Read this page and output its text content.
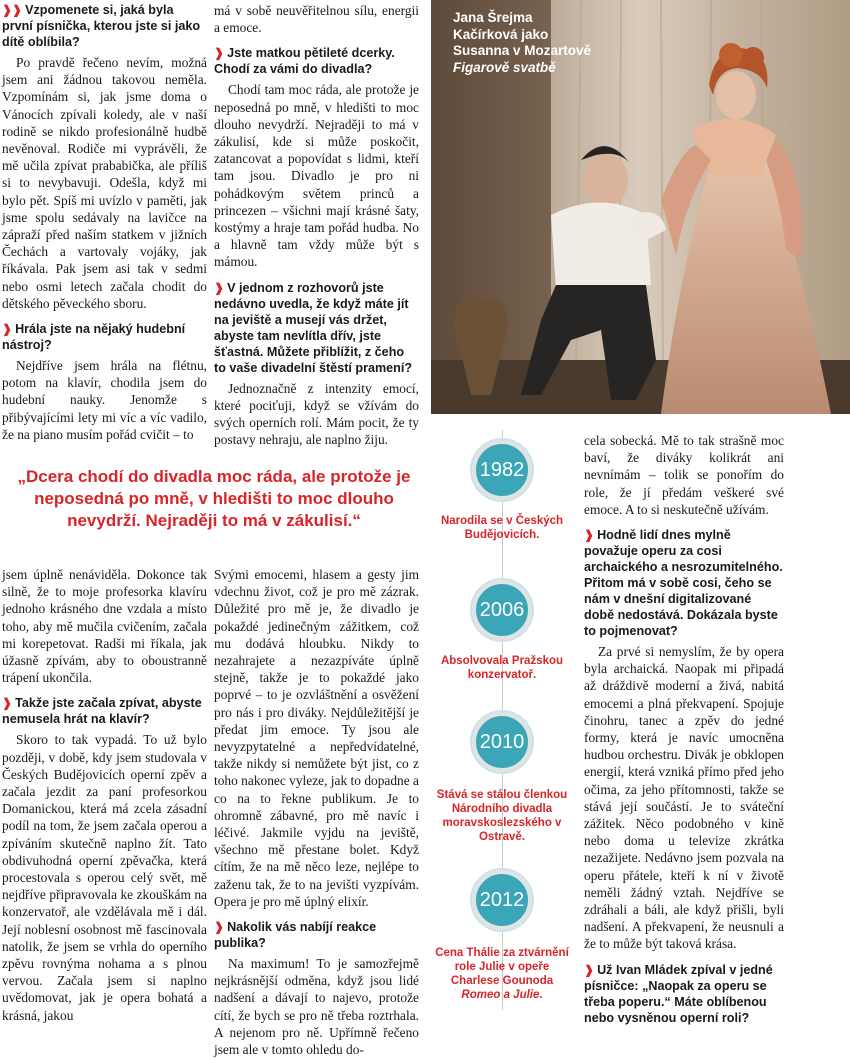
❱❱ Vzpomenete si, jaká byla první písnička, kterou jste si jako dítě oblíbila?

Po pravdě řečeno nevím, možná jsem ani žádnou takovou neměla. Vzpomínám si, jak jsme doma o Vánocích zpívali koledy, ale v naší rodině se nikdo profesionálně hudbě nevěnoval. Rodiče mi vyprávěli, že mě učila zpívat prababička, ale příliš si to nevybavuji. Odešla, když mi bylo pět. Spíš mi uvízlo v paměti, jak jsme spolu sedávaly na lavičce na zápraží před naším statkem v jižních Čechách a vartovaly vojáky, jak říkávala. Pak jsem asi tak v sedmi nebo osmi letech začala chodit do dětského pěveckého sboru.

❱ Hrála jste na nějaký hudební nástroj?

Nejdříve jsem hrála na flétnu, potom na klavír, chodila jsem do hudební nauky. Jenomže s přibývajícími lety mi víc a víc vadilo, že na piano musím pořád cvičit – to

má v sobě neuvěřitelnou sílu, energii a emoce.

❱ Jste matkou pětileté dcerky. Chodí za vámi do divadla?

Chodí tam moc ráda, ale protože je neposedná po mně, v hledišti to moc dlouho nevydrží. Nejraději to má v zákulisí, kde si může poskočit, zatancovat a popovídat s lidmi, kteří tam jsou. Divadlo je pro ni pohádkovým světem princů a princezen – všichni mají krásné šaty, kostýmy a hraje tam pořád hudba. No a hlavně tam vždy může být s mámou.

❱ V jednom z rozhovorů jste nedávno uvedla, že když máte jít na jeviště a musejí vás držet, abyste tam nevlítla dřív, jste šťastná. Můžete přiblížit, z čeho to vaše divadelní štěstí pramení?

Jednoznačně z intenzity emocí, které pociťuji, když se vžívám do svých operních rolí. Mám pocit, že ty postavy nehraju, ale naplno žiju.

Jana Šrejma
Kačírková jako
Susanna v Mozartově
Figarově svatbě
„Dcera chodí do divadla moc ráda, ale protože je neposedná po mně, v hledišti to moc dlouho nevydrží. Nejraději to má v zákulisí.“
1982
Narodila se v Českých Budějovicích.
2006
Absolvovala Pražskou konzervatoř.
2010
Stává se stálou členkou Národního divadla moravskoslezského v Ostravě.
2012
Cena Thálie za ztvárnění role Julie v opeře Charlese Gounoda Romeo a Julie.

jsem úplně nenáviděla. Dokonce tak silně, že to moje profesorka klavíru jednoho krásného dne vzdala a místo toho, aby mě mučila cvičením, začala mi korepetovat. Radši mi říkala, jak úžasně zpívám, aby to oboustranně trápení ukončila.

❱ Takže jste začala zpívat, abyste nemusela hrát na klavír?

Skoro to tak vypadá. To už bylo později, v době, kdy jsem studovala v Českých Budějovicích operní zpěv a začala jezdit za paní profesorkou Domanickou, která má zcela zásadní podíl na tom, že jsem začala operou a zpíváním skutečně naplno žít. Tato obdivuhodná operní zpěvačka, která procestovala s operou celý svět, mě nejdříve připravovala ke zkouškám na konzervatoř, ale vzdělávala mě i dál. Její noblesní osobnost mě fascinovala natolik, že jsem se vrhla do operního zpěvu rovnýma nohama a s plnou vervou. Začala jsem si naplno uvědomovat, jak je opera bohatá a krásná, jakou

Svými emocemi, hlasem a gesty jim vdechnu život, což je pro mě zázrak. Důležité pro mě je, že divadlo je pokaždé jedinečným zážitkem, což mu dodává hloubku. Nikdy to nezahrajete a nezazpíváte úplně stejně, takže je to pokaždé jako poprvé – to je ozvláštnění a osvěžení pro nás i pro diváky. Nejdůležitější je předat jim emoce. Ty jsou ale nevyzpytatelné a nepředvídatelné, takže nikdy si nemůžete být jist, co z toho nakonec vyleze, jak to dopadne a co na to řekne publikum. Je to ohromně zábavné, pro mě navíc i léčivé. Jakmile vyjdu na jeviště, všechno mě přestane bolet. Když cítím, že na mě něco leze, nejlépe to zaženu tak, že to na jevišti vyzpívám. Opera je pro mě úplný elixír.

❱ Nakolik vás nabíjí reakce publika?

Na maximum! To je samozřejmě nejkrásnější odměna, když jsou lidé nadšení a dávají to najevo, protože cítí, že bych se pro ně třeba roztrhala. A nejenom pro ně. Upřímně řečeno jsem ale v tomto ohledu do-

cela sobecká. Mě to tak strašně moc baví, že diváky kolikrát ani nevnímám – tolik se ponořím do role, že jí předám veškeré své emoce. A to si neskutečně užívám.

❱ Hodně lidí dnes mylně považuje operu za cosi archaického a nesrozumitelného. Přitom má v sobě cosi, čeho se nám v dnešní digitalizované době nedostává. Dokázala byste to pojmenovat?

Za prvé si nemyslím, že by opera byla archaická. Naopak mi připadá až dráždivě moderní a živá, nabitá emocemi a plná překvapení. Spojuje činohru, tanec a zpěv do jedné formy, která je navíc umocněna hudbou orchestru. Divák je obklopen energií, která vzniká přímo před jeho očima, za jeho přítomnosti, takže se stává její součástí. Je to sváteční zážitek. Něco podobného v kině nebo doma u televize zkrátka nezažijete. Nedávno jsem pozvala na operu přátele, kteří k ní v životě neměli žádný vztah. Nejdříve se zdráhali a báli, ale když přišli, byli nadšení. A překvapení, že neusnuli a že to může být taková krása.

❱ Už Ivan Mládek zpíval v jedné písničce: „Naopak za operu se třeba poperu.“ Máte oblíbenou nebo vysněnou operní roli?
